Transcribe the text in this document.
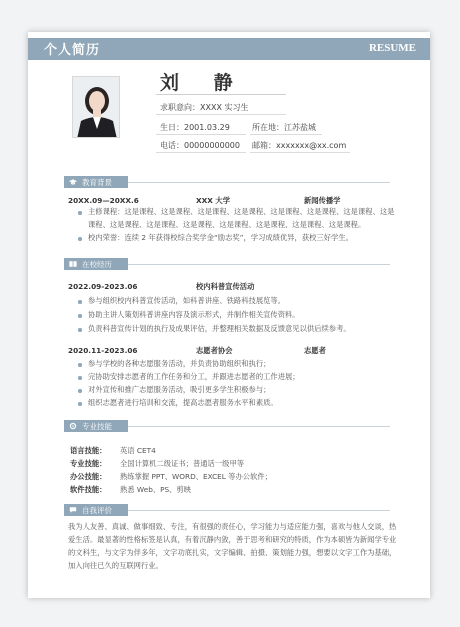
个人简历	RESUME
刘 静
求职意向：XXXX 实习生
生日：2001.03.29	所在地：江苏盐城
电话：00000000000 邮箱：xxxxxxx@xx.com
教育背景
20XX.09—20XX.6	XXX 大学	新闻传播学
主修课程：这是课程、这是课程、这是课程、这是课程、这是课程、这是课程、这是课程、这是
课程、这是课程、这是课程、这是课程、这是课程、这是课程、这是课程、这是课程。
校内荣誉：连续 2 年获得校综合奖学金“励志奖”，学习成绩优异，获校三好学生。
在校经历
2022.09-2023.06	校内科普宣传活动
参与组织校内科普宣传活动，如科普讲座、铁路科技展览等。
协助主讲人策划科普讲座内容及演示形式，并制作相关宣传资料。
负责科普宣传计划的执行及成果评估，并整理相关数据及反馈意见以供后续参考。
2020.11-2023.06	志愿者协会	志愿者
参与学校的各种志愿服务活动，并负责协助组织和执行；
完协助安排志愿者的工作任务和分工，并跟进志愿者的工作进展；
对外宣传和推广志愿服务活动，吸引更多学生积极参与；
组织志愿者进行培训和交流，提高志愿者服务水平和素质。
专业技能
语言技能： 英语 CET4
专业技能： 全国计算机二级证书；普通话一级甲等
办公技能： 熟练掌握 PPT、WORD、EXCEL 等办公软件；
软件技能： 熟悉 Web、PS、剪映
自我评价
我为人友善、真诚、做事细致、专注，有很强的责任心，学习能力与适应能力强，喜欢与他人交谈，热
爱生活。最显著的性格标签是认真，有着沉静内敛，善于思考和研究的特质，作为本硕皆为新闻学专业
的文科生，与文字为伴多年，文字功底扎实，文字编辑、拍摄、策划能力强，想要以文字工作为基础，
加入向往已久的互联网行业。
